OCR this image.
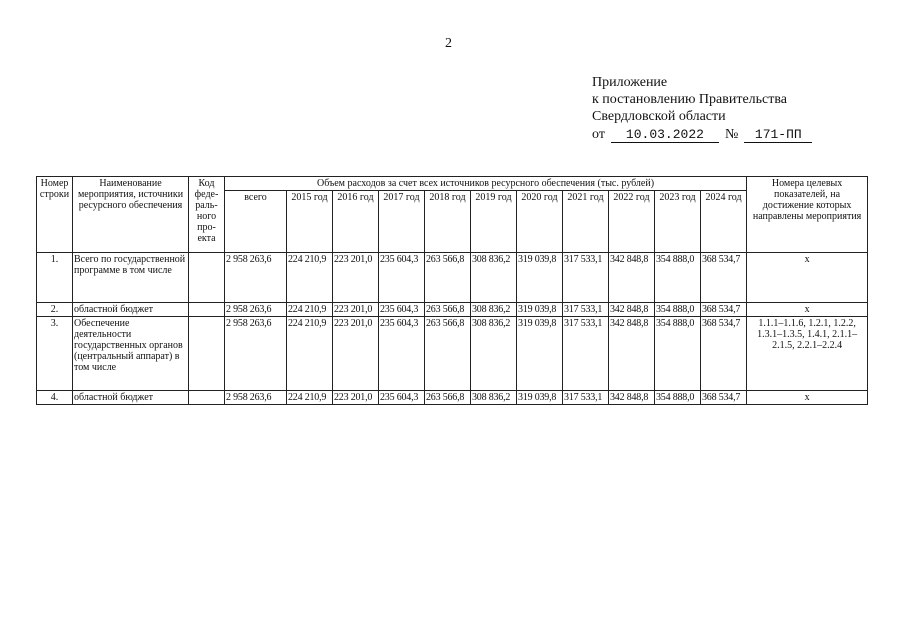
2
Приложение
к постановлению Правительства
Свердловской области
от 10.03.2022 № 171-ПП
Номер строки	Наименование мероприятия, источники ресурсного обеспечения	Код феде-раль-ного про-екта	Объем расходов за счет всех источников ресурсного обеспечения (тыс. рублей)											Номера целевых показателей, на достижение которых направлены мероприятия
			всего	2015 год	2016 год	2017 год	2018 год	2019 год	2020 год	2021 год	2022 год	2023 год	2024 год	
1.	Всего по государственной программе в том числе		2 958 263,6	224 210,9	223 201,0	235 604,3	263 566,8	308 836,2	319 039,8	317 533,1	342 848,8	354 888,0	368 534,7	x
2.	областной бюджет		2 958 263,6	224 210,9	223 201,0	235 604,3	263 566,8	308 836,2	319 039,8	317 533,1	342 848,8	354 888,0	368 534,7	x
3.	Обеспечение деятельности государственных органов (центральный аппарат) в том числе		2 958 263,6	224 210,9	223 201,0	235 604,3	263 566,8	308 836,2	319 039,8	317 533,1	342 848,8	354 888,0	368 534,7	1.1.1–1.1.6, 1.2.1, 1.2.2, 1.3.1–1.3.5, 1.4.1, 2.1.1–2.1.5, 2.2.1–2.2.4
4.	областной бюджет		2 958 263,6	224 210,9	223 201,0	235 604,3	263 566,8	308 836,2	319 039,8	317 533,1	342 848,8	354 888,0	368 534,7	x
